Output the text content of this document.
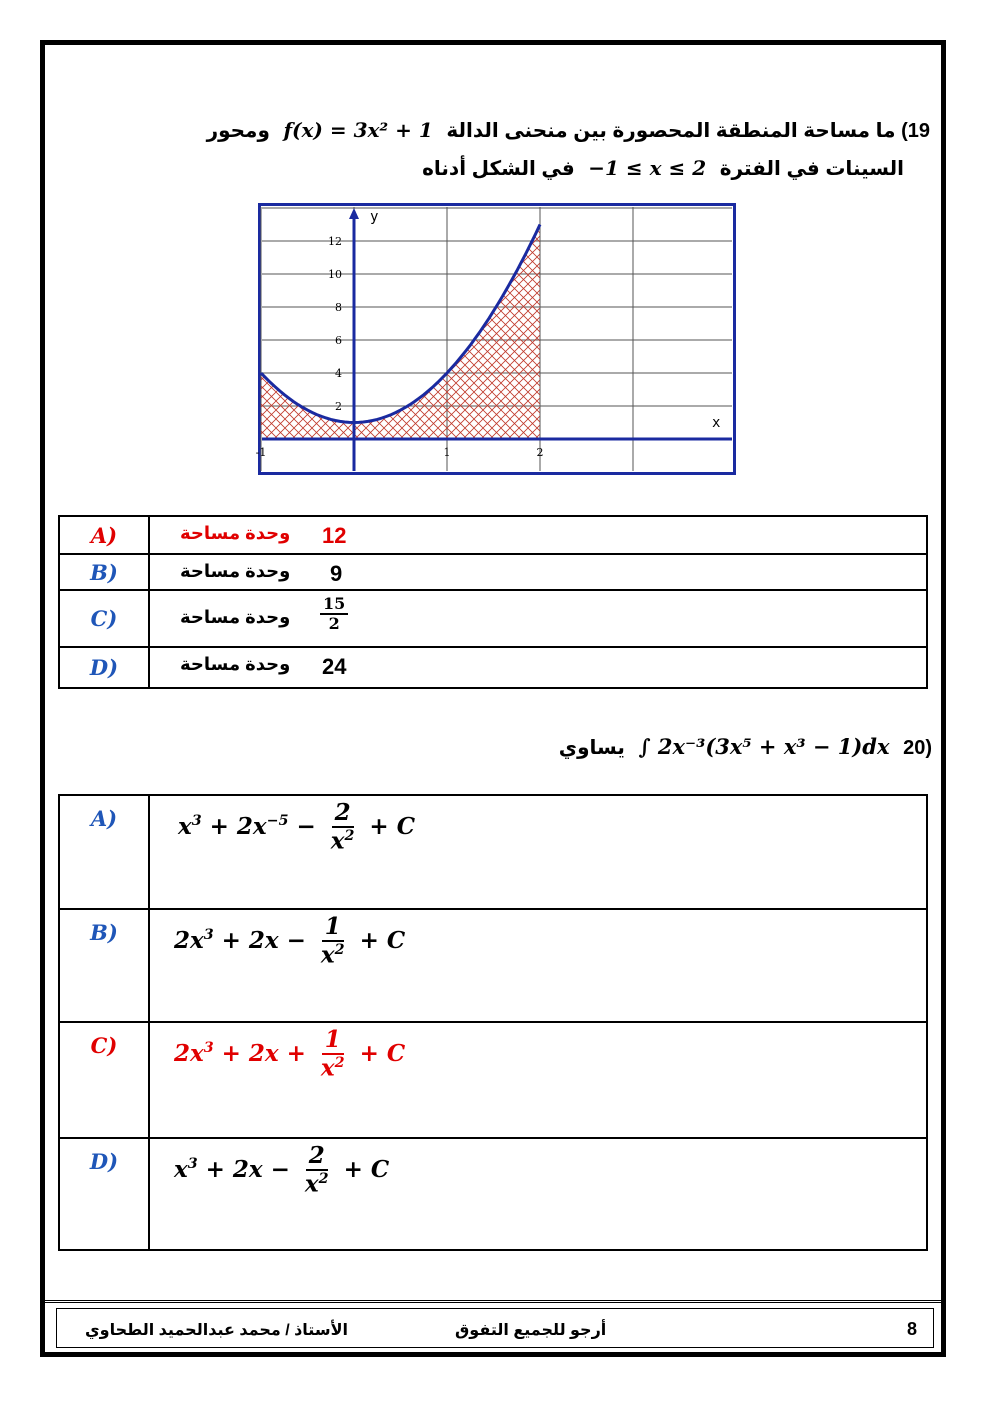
19) ما مساحة المنطقة المحصورة بين منحنى الدالة f(x) = 3x² + 1 ومحور
السينات في الفترة −1 ≤ x ≤ 2 في الشكل أدناه
2
4
6
8
10
12
-1	1	2
x
y
A)	12
وحدة مساحة

B)	9
وحدة مساحة

C)	$\frac{15}{2}$
وحدة مساحة

D)	24
وحدة مساحة
(20 ∫ 2x⁻³(3x⁵ + x³ − 1)dx يساوي
A)	$x^3 + 2x^{-5} - \frac{2}{x^2} + C$

B)	$2x^3 + 2x - \frac{1}{x^2} + C$

C)	$2x^3 + 2x + \frac{1}{x^2} + C$

D)	$x^3 + 2x - \frac{2}{x^2} + C$
8
أرجو للجميع التفوق
الأستاذ / محمد عبدالحميد الطحاوي
